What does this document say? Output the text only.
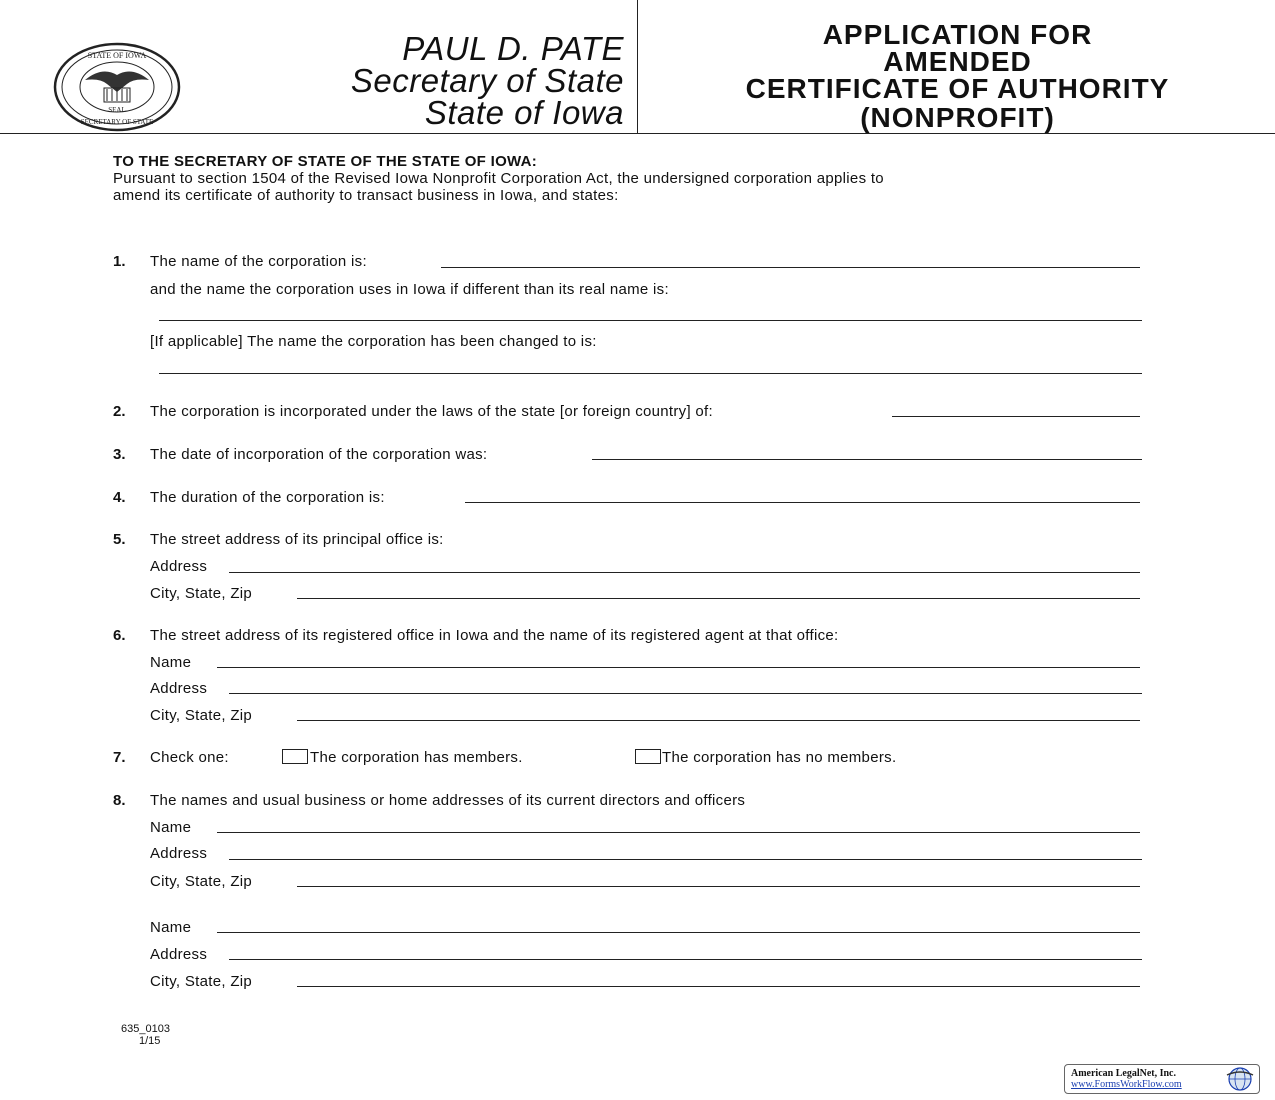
STATE OF IOWA
SECRETARY OF STATE
SEAL
PAUL D. PATE
Secretary of State
State of Iowa
APPLICATION FOR
AMENDED
CERTIFICATE OF AUTHORITY
(NONPROFIT)
TO THE SECRETARY OF STATE OF THE STATE OF IOWA:
Pursuant to section 1504 of the Revised Iowa Nonprofit Corporation Act, the undersigned corporation applies to
amend its certificate of authority to transact business in Iowa, and states:
1. The name of the corporation is:
and the name the corporation uses in Iowa if different than its real name is:
[If applicable] The name the corporation has been changed to is:
2. The corporation is incorporated under the laws of the state [or foreign country] of:
3. The date of incorporation of the corporation was:
4. The duration of the corporation is:
5. The street address of its principal office is:
Address
City, State, Zip
6. The street address of its registered office in Iowa and the name of its registered agent at that office:
Name
Address
City, State, Zip
7. Check one:	The corporation has members.	The corporation has no members.
8. The names and usual business or home addresses of its current directors and officers
Name
Address
City, State, Zip
Name
Address
City, State, Zip
635_0103
1/15
American LegalNet, Inc.
www.FormsWorkFlow.com
